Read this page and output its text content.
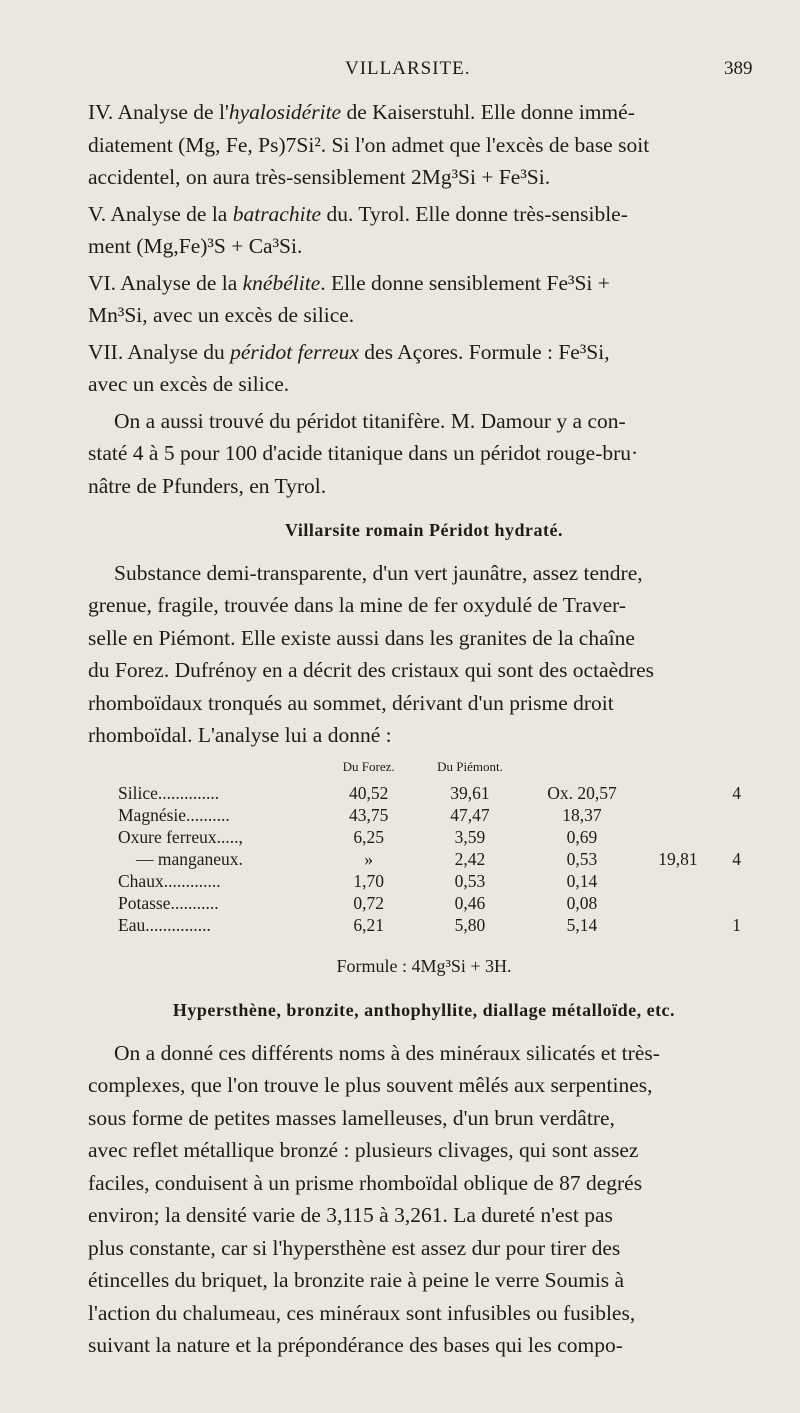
VILLARSITE.	389

IV. Analyse de l'hyalosidérite de Kaiserstuhl. Elle donne immé-
diatement (Mg, Fe, Ps)7Si². Si l'on admet que l'excès de base soit
accidentel, on aura très-sensiblement 2Mg³Si + Fe³Si.

V. Analyse de la batrachite du. Tyrol. Elle donne très-sensible-
ment (Mg,Fe)³S + Ca³Si.

VI. Analyse de la knébélite. Elle donne sensiblement Fe³Si +
Mn³Si, avec un excès de silice.

VII. Analyse du péridot ferreux des Açores. Formule : Fe³Si,
avec un excès de silice.

On a aussi trouvé du péridot titanifère. M. Damour y a con-
staté 4 à 5 pour 100 d'acide titanique dans un péridot rouge-bru·
nâtre de Pfunders, en Tyrol.

Villarsite romain Péridot hydraté.

Substance demi-transparente, d'un vert jaunâtre, assez tendre,
grenue, fragile, trouvée dans la mine de fer oxydulé de Traver-
selle en Piémont. Elle existe aussi dans les granites de la chaîne
du Forez. Dufrénoy en a décrit des cristaux qui sont des octaèdres
rhomboïdaux tronqués au sommet, dérivant d'un prisme droit
rhomboïdal. L'analyse lui a donné :

	Du Forez.	Du Piémont.			
Silice..............	40,52	39,61	Ox. 20,57		4
Magnésie..........	43,75	47,47	18,37		
Oxure ferreux.....,	6,25	3,59	0,69		
— manganeux.	»	2,42	0,53	19,81	4
Chaux.............	1,70	0,53	0,14		
Potasse...........	0,72	0,46	0,08		
Eau...............	6,21	5,80	5,14		1
Formule : 4Mg³Si + 3H.
Hypersthène, bronzite, anthophyllite, diallage métalloïde, etc.

On a donné ces différents noms à des minéraux silicatés et très-
complexes, que l'on trouve le plus souvent mêlés aux serpentines,
sous forme de petites masses lamelleuses, d'un brun verdâtre,
avec reflet métallique bronzé : plusieurs clivages, qui sont assez
faciles, conduisent à un prisme rhomboïdal oblique de 87 degrés
environ; la densité varie de 3,115 à 3,261. La dureté n'est pas
plus constante, car si l'hypersthène est assez dur pour tirer des
étincelles du briquet, la bronzite raie à peine le verre Soumis à
l'action du chalumeau, ces minéraux sont infusibles ou fusibles,
suivant la nature et la prépondérance des bases qui les compo-
